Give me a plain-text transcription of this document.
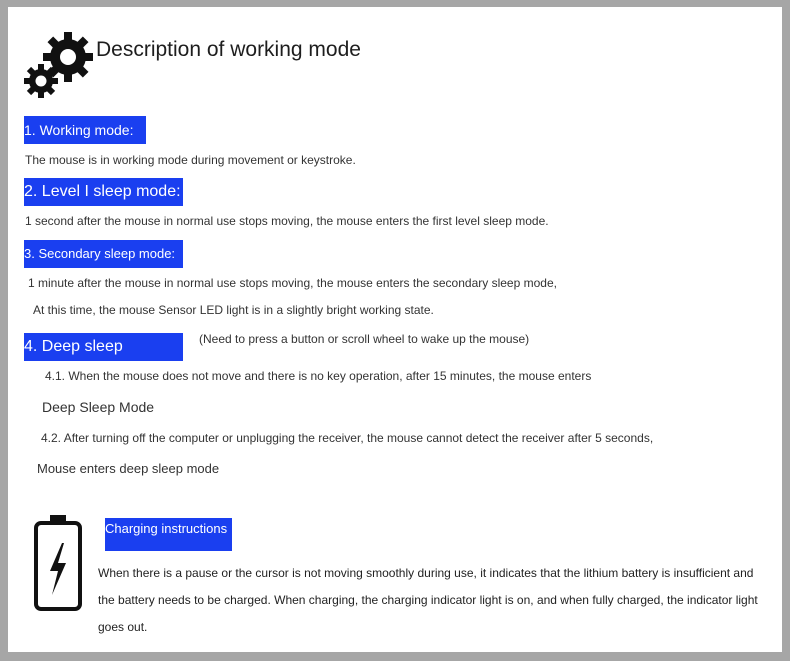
Description of working mode
1. Working mode:
The mouse is in working mode during movement or keystroke.
2. Level I sleep mode:
1 second after the mouse in normal use stops moving, the mouse enters the first level sleep mode.
3. Secondary sleep mode:
1 minute after the mouse in normal use stops moving, the mouse enters the secondary sleep mode,
At this time, the mouse Sensor LED light is in a slightly bright working state.
4. Deep sleep	(Need to press a button or scroll wheel to wake up the mouse)
4.1. When the mouse does not move and there is no key operation, after 15 minutes, the mouse enters
Deep Sleep Mode
4.2. After turning off the computer or unplugging the receiver, the mouse cannot detect the receiver after 5 seconds,
Mouse enters deep sleep mode
Charging instructions
When there is a pause or the cursor is not moving smoothly during use, it indicates that the lithium battery is insufficient and the battery needs to be charged. When charging, the charging indicator light is on, and when fully charged, the indicator light goes out.
